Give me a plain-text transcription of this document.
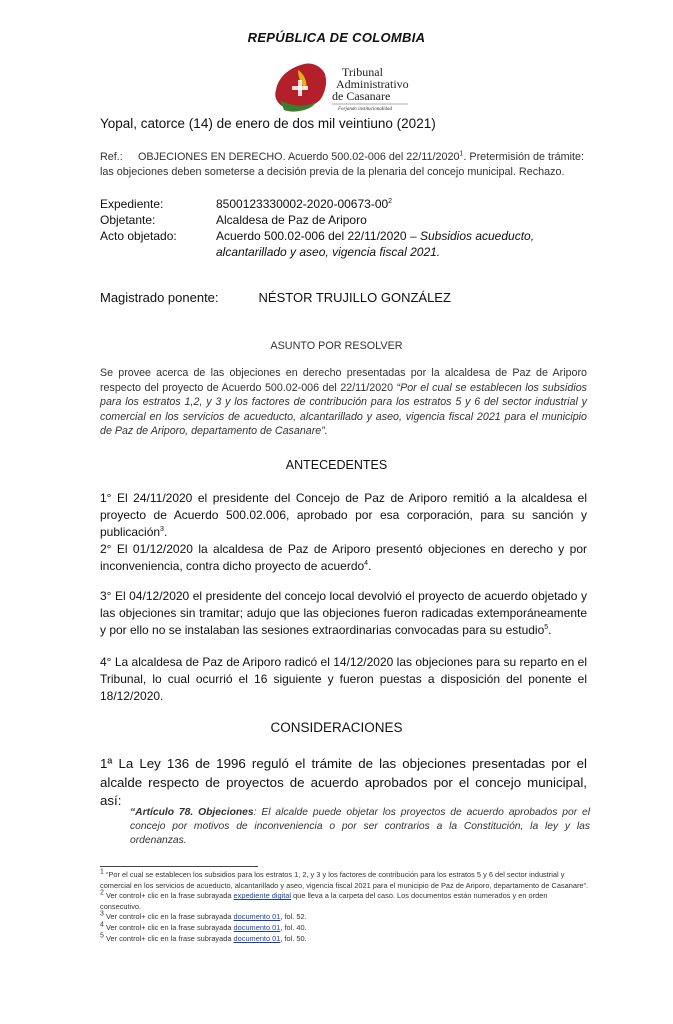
REPÚBLICA DE COLOMBIA
Tribunal
Administrativo
de Casanare
Forjando institucionalidad
Yopal, catorce (14) de enero de dos mil veintiuno (2021)
Ref.: OBJECIONES EN DERECHO. Acuerdo 500.02-006 del 22/11/2020$^1$. Pretermisión de trámite: las objeciones deben someterse a decisión previa de la plenaria del concejo municipal. Rechazo.
Expediente:	$8500123330002-2020-00673-00^2$
Objetante:	Alcaldesa de Paz de Ariporo
Acto objetado:	Acuerdo 500.02-006 del 22/11/2020 – Subsidios acueducto, alcantarillado y aseo, vigencia fiscal 2021.
Magistrado ponente:	NÉSTOR TRUJILLO GONZÁLEZ
ASUNTO POR RESOLVER
Se provee acerca de las objeciones en derecho presentadas por la alcaldesa de Paz de Ariporo respecto del proyecto de Acuerdo 500.02-006 del 22/11/2020 “Por el cual se establecen los subsidios para los estratos 1,2, y 3 y los factores de contribución para los estratos 5 y 6 del sector industrial y comercial en los servicios de acueducto, alcantarillado y aseo, vigencia fiscal 2021 para el municipio de Paz de Ariporo, departamento de Casanare”.
ANTECEDENTES
1° El 24/11/2020 el presidente del Concejo de Paz de Ariporo remitió a la alcaldesa el proyecto de Acuerdo 500.02.006, aprobado por esa corporación, para su sanción y publicación$^3$.
2° El 01/12/2020 la alcaldesa de Paz de Ariporo presentó objeciones en derecho y por inconveniencia, contra dicho proyecto de acuerdo$^4$.
3° El 04/12/2020 el presidente del concejo local devolvió el proyecto de acuerdo objetado y las objeciones sin tramitar; adujo que las objeciones fueron radicadas extemporáneamente y por ello no se instalaban las sesiones extraordinarias convocadas para su estudio$^5$.
4° La alcaldesa de Paz de Ariporo radicó el 14/12/2020 las objeciones para su reparto en el Tribunal, lo cual ocurrió el 16 siguiente y fueron puestas a disposición del ponente el 18/12/2020.
CONSIDERACIONES
1ª La Ley 136 de 1996 reguló el trámite de las objeciones presentadas por el alcalde respecto de proyectos de acuerdo aprobados por el concejo municipal, así:
“Artículo 78. Objeciones: El alcalde puede objetar los proyectos de acuerdo aprobados por el concejo por motivos de inconveniencia o por ser contrarios a la Constitución, la ley y las ordenanzas.

$^1$ “Por el cual se establecen los subsidios para los estratos 1, 2, y 3 y los factores de contribución para los estratos 5 y 6 del sector industrial y comercial en los servicios de acueducto, alcantarillado y aseo, vigencia fiscal 2021 para el municipio de Paz de Ariporo, departamento de Casanare”.

$^2$ Ver control+ clic en la frase subrayada expediente digital que lleva a la carpeta del caso. Los documentos están numerados y en orden consecutivo.

$^3$ Ver control+ clic en la frase subrayada documento 01, fol. 52.

$^4$ Ver control+ clic en la frase subrayada documento 01, fol. 40.

$^5$ Ver control+ clic en la frase subrayada documento 01, fol. 50.
